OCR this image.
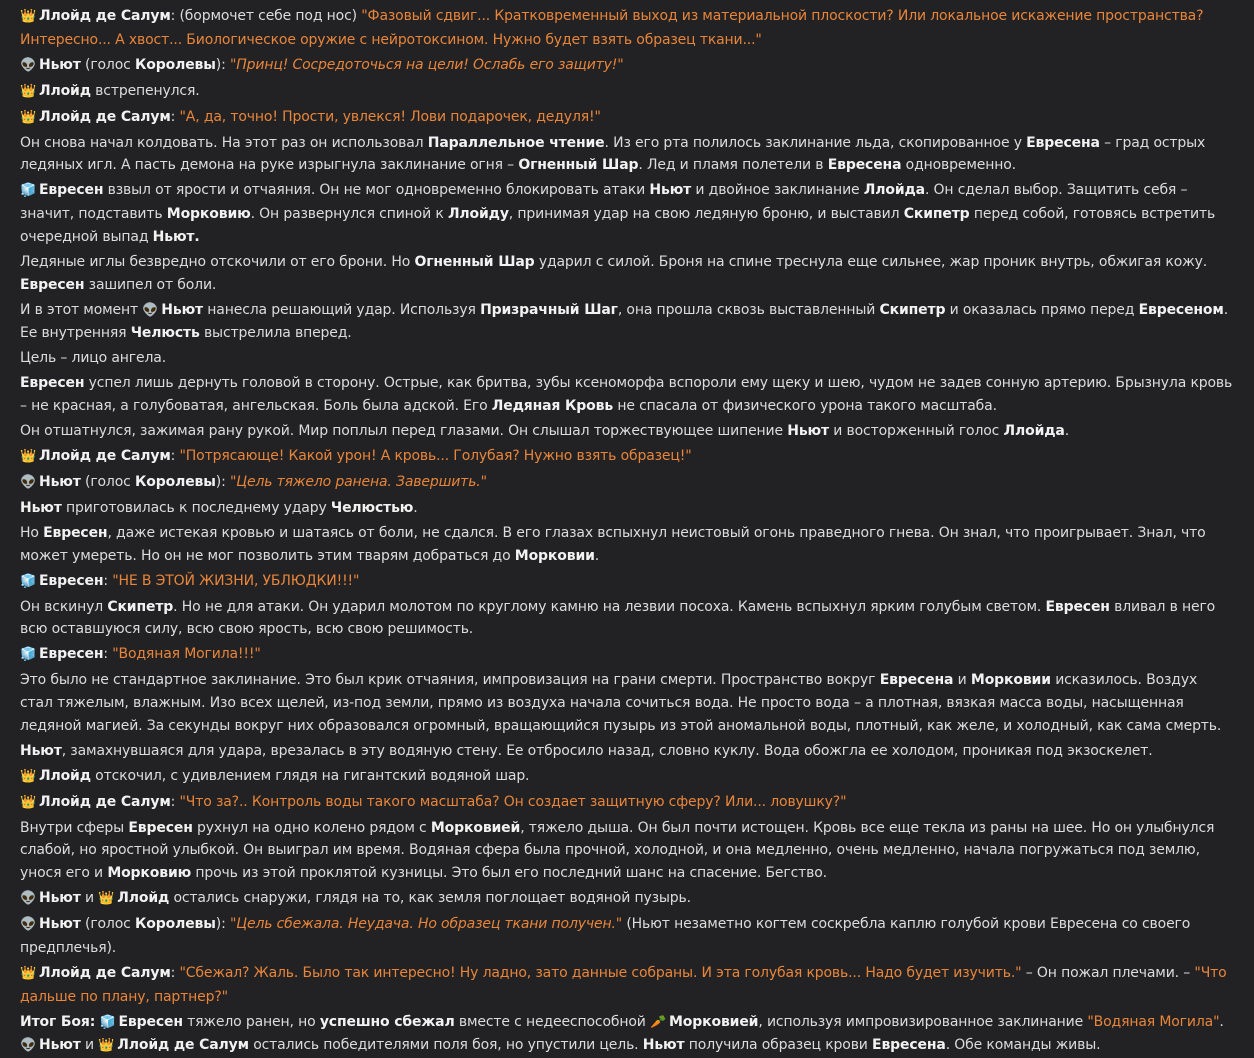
👑 Ллойд де Салум: (бормочет себе под нос) "Фазовый сдвиг... Кратковременный выход из материальной плоскости? Или локальное искажение пространства? Интересно... А хвост... Биологическое оружие с нейротоксином. Нужно будет взять образец ткани..."
👽 Ньют (голос Королевы): "Принц! Сосредоточься на цели! Ослабь его защиту!"
👑 Ллойд встрепенулся.
👑 Ллойд де Салум: "А, да, точно! Прости, увлекся! Лови подарочек, дедуля!"
Он снова начал колдовать. На этот раз он использовал Параллельное чтение. Из его рта полилось заклинание льда, скопированное у Евресена – град острых ледяных игл. А пасть демона на руке изрыгнула заклинание огня – Огненный Шар. Лед и пламя полетели в Евресена одновременно.
🧊 Евресен взвыл от ярости и отчаяния. Он не мог одновременно блокировать атаки Ньют и двойное заклинание Ллойда. Он сделал выбор. Защитить себя – значит, подставить Морковию. Он развернулся спиной к Ллойду, принимая удар на свою ледяную броню, и выставил Скипетр перед собой, готовясь встретить очередной выпад Ньют.
Ледяные иглы безвредно отскочили от его брони. Но Огненный Шар ударил с силой. Броня на спине треснула еще сильнее, жар проник внутрь, обжигая кожу. Евресен зашипел от боли.
И в этот момент 👽 Ньют нанесла решающий удар. Используя Призрачный Шаг, она прошла сквозь выставленный Скипетр и оказалась прямо перед Евресеном. Ее внутренняя Челюсть выстрелила вперед.
Цель – лицо ангела.
Евресен успел лишь дернуть головой в сторону. Острые, как бритва, зубы ксеноморфа вспороли ему щеку и шею, чудом не задев сонную артерию. Брызнула кровь – не красная, а голубоватая, ангельская. Боль была адской. Его Ледяная Кровь не спасала от физического урона такого масштаба.
Он отшатнулся, зажимая рану рукой. Мир поплыл перед глазами. Он слышал торжествующее шипение Ньют и восторженный голос Ллойда.
👑 Ллойд де Салум: "Потрясающе! Какой урон! А кровь... Голубая? Нужно взять образец!"
👽 Ньют (голос Королевы): "Цель тяжело ранена. Завершить."
Ньют приготовилась к последнему удару Челюстью.
Но Евресен, даже истекая кровью и шатаясь от боли, не сдался. В его глазах вспыхнул неистовый огонь праведного гнева. Он знал, что проигрывает. Знал, что может умереть. Но он не мог позволить этим тварям добраться до Морковии.
🧊 Евресен: "НЕ В ЭТОЙ ЖИЗНИ, УБЛЮДКИ!!!"
Он вскинул Скипетр. Но не для атаки. Он ударил молотом по круглому камню на лезвии посоха. Камень вспыхнул ярким голубым светом. Евресен вливал в него всю оставшуюся силу, всю свою ярость, всю свою решимость.
🧊 Евресен: "Водяная Могила!!!"
Это было не стандартное заклинание. Это был крик отчаяния, импровизация на грани смерти. Пространство вокруг Евресена и Морковии исказилось. Воздух стал тяжелым, влажным. Изо всех щелей, из-под земли, прямо из воздуха начала сочиться вода. Не просто вода – а плотная, вязкая масса воды, насыщенная ледяной магией. За секунды вокруг них образовался огромный, вращающийся пузырь из этой аномальной воды, плотный, как желе, и холодный, как сама смерть.
Ньют, замахнувшаяся для удара, врезалась в эту водяную стену. Ее отбросило назад, словно куклу. Вода обожгла ее холодом, проникая под экзоскелет.
👑 Ллойд отскочил, с удивлением глядя на гигантский водяной шар.
👑 Ллойд де Салум: "Что за?.. Контроль воды такого масштаба? Он создает защитную сферу? Или... ловушку?"
Внутри сферы Евресен рухнул на одно колено рядом с Морковией, тяжело дыша. Он был почти истощен. Кровь все еще текла из раны на шее. Но он улыбнулся слабой, но яростной улыбкой. Он выиграл им время. Водяная сфера была прочной, холодной, и она медленно, очень медленно, начала погружаться под землю, унося его и Морковию прочь из этой проклятой кузницы. Это был его последний шанс на спасение. Бегство.
👽 Ньют и 👑 Ллойд остались снаружи, глядя на то, как земля поглощает водяной пузырь.
👽 Ньют (голос Королевы): "Цель сбежала. Неудача. Но образец ткани получен." (Ньют незаметно когтем соскребла каплю голубой крови Евресена со своего предплечья).
👑 Ллойд де Салум: "Сбежал? Жаль. Было так интересно! Ну ладно, зато данные собраны. И эта голубая кровь... Надо будет изучить." – Он пожал плечами. – "Что дальше по плану, партнер?"
Итог Боя: 🧊 Евресен тяжело ранен, но успешно сбежал вместе с недееспособной 🥕 Морковией, используя импровизированное заклинание "Водяная Могила". 👽 Ньют и 👑 Ллойд де Салум остались победителями поля боя, но упустили цель. Ньют получила образец крови Евресена. Обе команды живы.
